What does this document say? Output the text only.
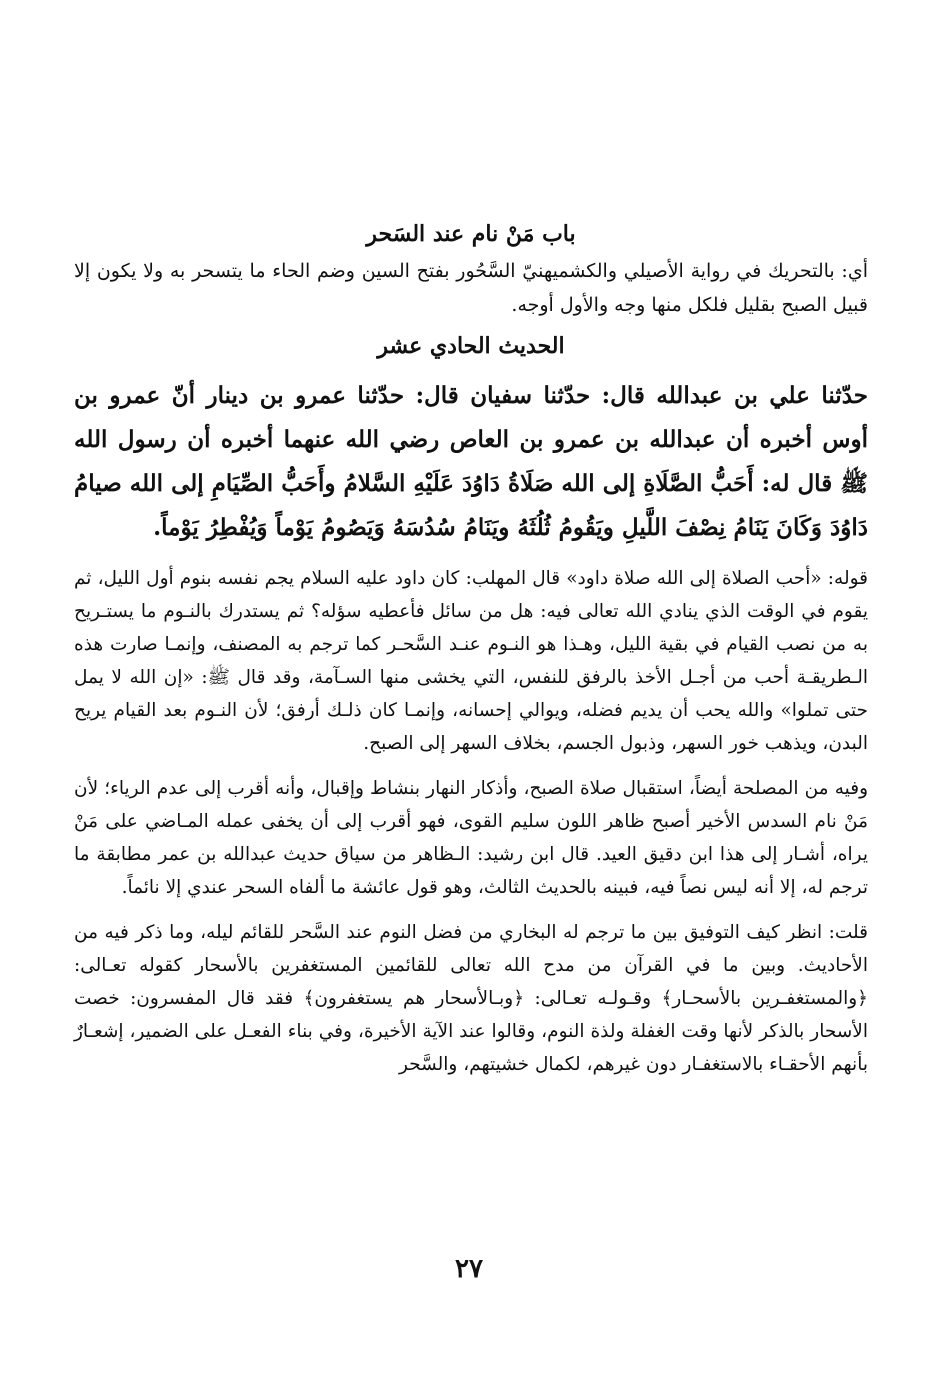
باب مَنْ نام عند السَحر

أي: بالتحريك في رواية الأصيلي والكشميهنيّ السَّحُور بفتح السين وضم الحاء ما يتسحر به ولا يكون إلا قبيل الصبح بقليل فلكل منها وجه والأول أوجه.

الحديث الحادي عشر

حدّثنا علي بن عبدالله قال: حدّثنا سفيان قال: حدّثنا عمرو بن دينار أنّ عمرو بن أوس أخبره أن عبدالله بن عمرو بن العاص رضي الله عنهما أخبره أن رسول الله ﷺ قال له: أَحَبُّ الصَّلَاةِ إلى الله صَلَاةُ دَاوُدَ عَلَيْهِ السَّلامُ وأَحَبُّ الصِّيَامِ إلى الله صيامُ دَاوُدَ وَكَانَ يَنَامُ نِصْفَ اللَّيلِ ويَقُومُ ثُلُثَهُ ويَنَامُ سُدُسَهُ وَيَصُومُ يَوْماً وَيُفْطِرُ يَوْماً.

قوله: «أحب الصلاة إلى الله صلاة داود» قال المهلب: كان داود عليه السلام يجم نفسه بنوم أول الليل، ثم يقوم في الوقت الذي ينادي الله تعالى فيه: هل من سائل فأعطيه سؤله؟ ثم يستدرك بالنـوم ما يستـريح به من نصب القيام في بقية الليل، وهـذا هو النـوم عنـد السَّحـر كما ترجم به المصنف، وإنمـا صارت هذه الـطريقـة أحب من أجـل الأخذ بالرفق للنفس، التي يخشى منها السـآمة، وقد قال ﷺ: «إن الله لا يمل حتى تملوا» والله يحب أن يديم فضله، ويوالي إحسانه، وإنمـا كان ذلـك أرفق؛ لأن النـوم بعد القيام يريح البدن، ويذهب خور السهر، وذبول الجسم، بخلاف السهر إلى الصبح.

وفيه من المصلحة أيضاً، استقبال صلاة الصبح، وأذكار النهار بنشاط وإقبال، وأنه أقرب إلى عدم الرياء؛ لأن مَنْ نام السدس الأخير أصبح ظاهر اللون سليم القوى، فهو أقرب إلى أن يخفى عمله المـاضي على مَنْ يراه، أشـار إلى هذا ابن دقيق العيد. قال ابن رشيد: الـظاهر من سياق حديث عبدالله بن عمر مطابقة ما ترجم له، إلا أنه ليس نصاً فيه، فبينه بالحديث الثالث، وهو قول عائشة ما ألفاه السحر عندي إلا نائماً.

قلت: انظر كيف التوفيق بين ما ترجم له البخاري من فضل النوم عند السَّحر للقائم ليله، وما ذكر فيه من الأحاديث. وبين ما في القرآن من مدح الله تعالى للقائمين المستغفرين بالأسحار كقوله تعـالى: ﴿والمستغفـرين بالأسحـار﴾ وقـولـه تعـالى: ﴿وبـالأسحار هم يستغفرون﴾ فقد قال المفسرون: خصت الأسحار بالذكر لأنها وقت الغفلة ولذة النوم، وقالوا عند الآية الأخيرة، وفي بناء الفعـل على الضمير، إشعـارٌ بأنهم الأحقـاء بالاستغفـار دون غيرهم، لكمال خشيتهم، والسَّحر

٢٧
